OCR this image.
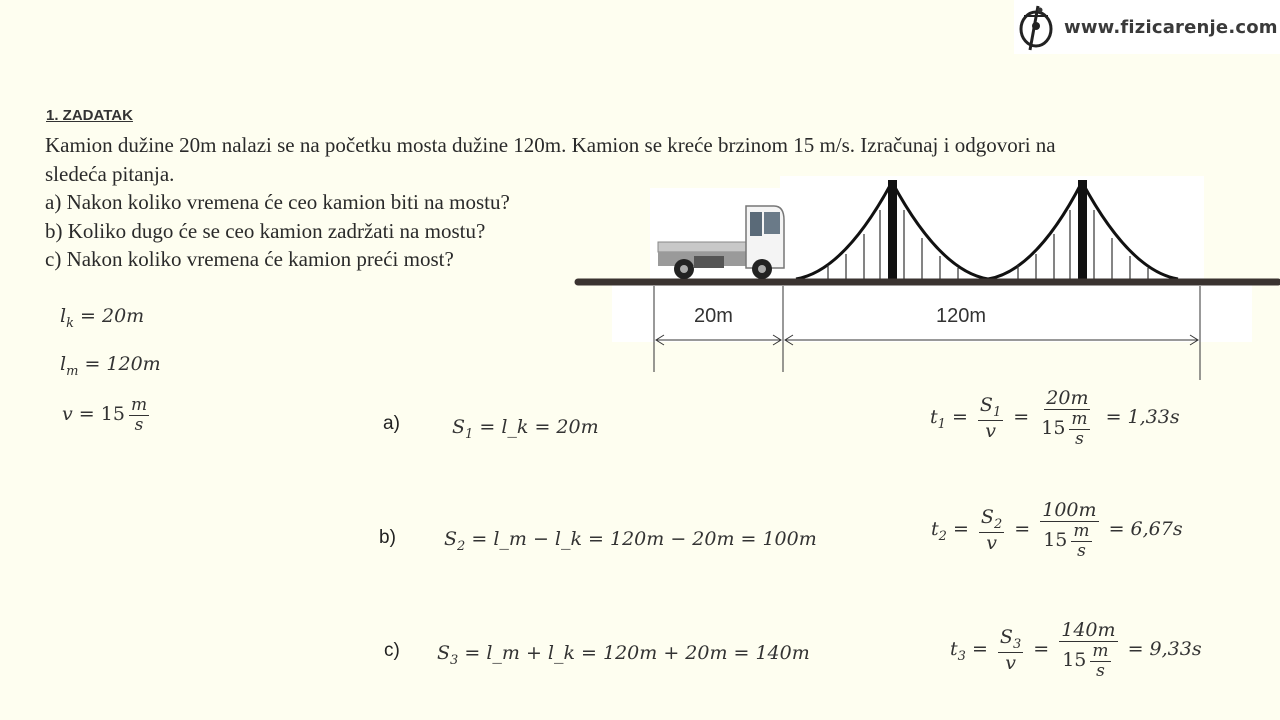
www.fizicarenje.com
1. ZADATAK

Kamion dužine 20m nalazi se na početku mosta dužine 120m. Kamion se kreće brzinom 15 m/s. Izračunaj i odgovori na

sledeća pitanja.

a) Nakon koliko vremena će ceo kamion biti na mostu?

b) Koliko dugo će se ceo kamion zadržati na mostu?

c) Nakon koliko vremena će kamion preći most?

20m	120m
$l_k = 20m$
$l_m = 120m$
$v = 15 \frac{m}{s}$	a)	$S_1$ = l_k = 20m	$t_1 = \frac{S_1}{v} = \frac{20m}{15 \frac{m}{s}} = 1,33s$
b)	$S_2$ = l_m − l_k = 120m − 20m = 100m	$t_2 = \frac{S_2}{v} = \frac{100m}{15 \frac{m}{s}} = 6,67s$
c) $S_3$ = l_m + l_k = 120m + 20m = 140m	$t_3 = \frac{S_3}{v} = \frac{140m}{15 \frac{m}{s}} = 9,33s$
